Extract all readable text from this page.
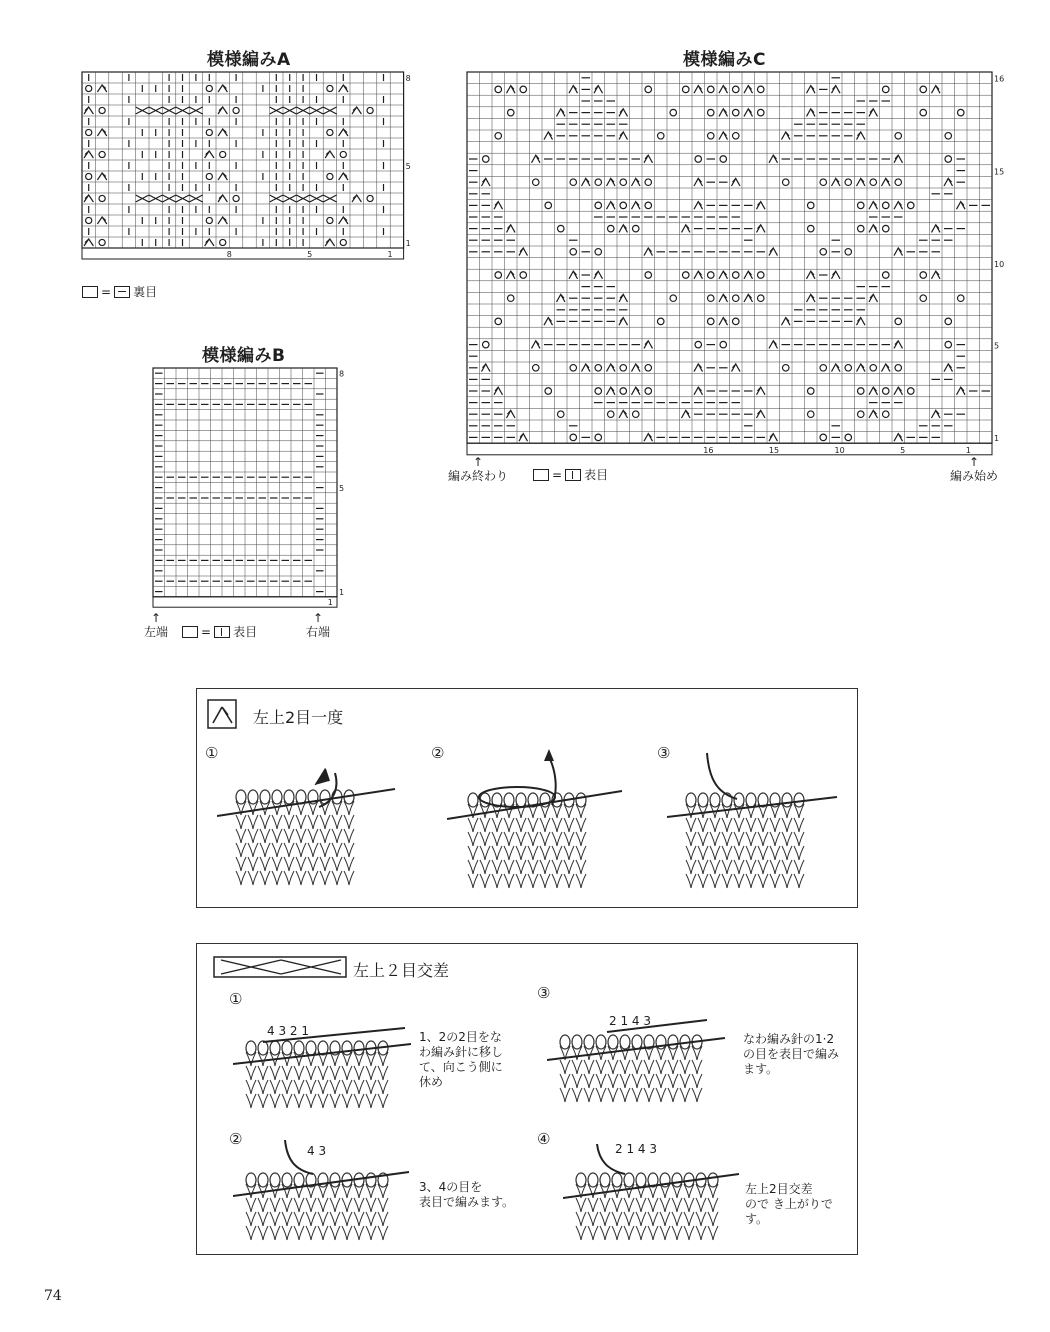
模様編みA
8	5	1
8
5
1
= 裏目
模様編みB
1
8
5
1
↑
左端	= 表目
↑
右端
模様編みC
16	15	10	5	1
16
15
10
5
1
↑
編み終わり	= 表目
↑
編み始め
左上2目一度
①	②	③
左上２目交差
①
4 3 2 1	1、2の2目をな
わ編み針に移し
て、向こう側に
休め
③
2 1 4 3
なわ編み針の1·2
の目を表目で編み
ます。
②
4 3
3、4の目を
表目で編みます。
④
2 1 4 3
左上2目交差
ので き上がりで
す。
74
